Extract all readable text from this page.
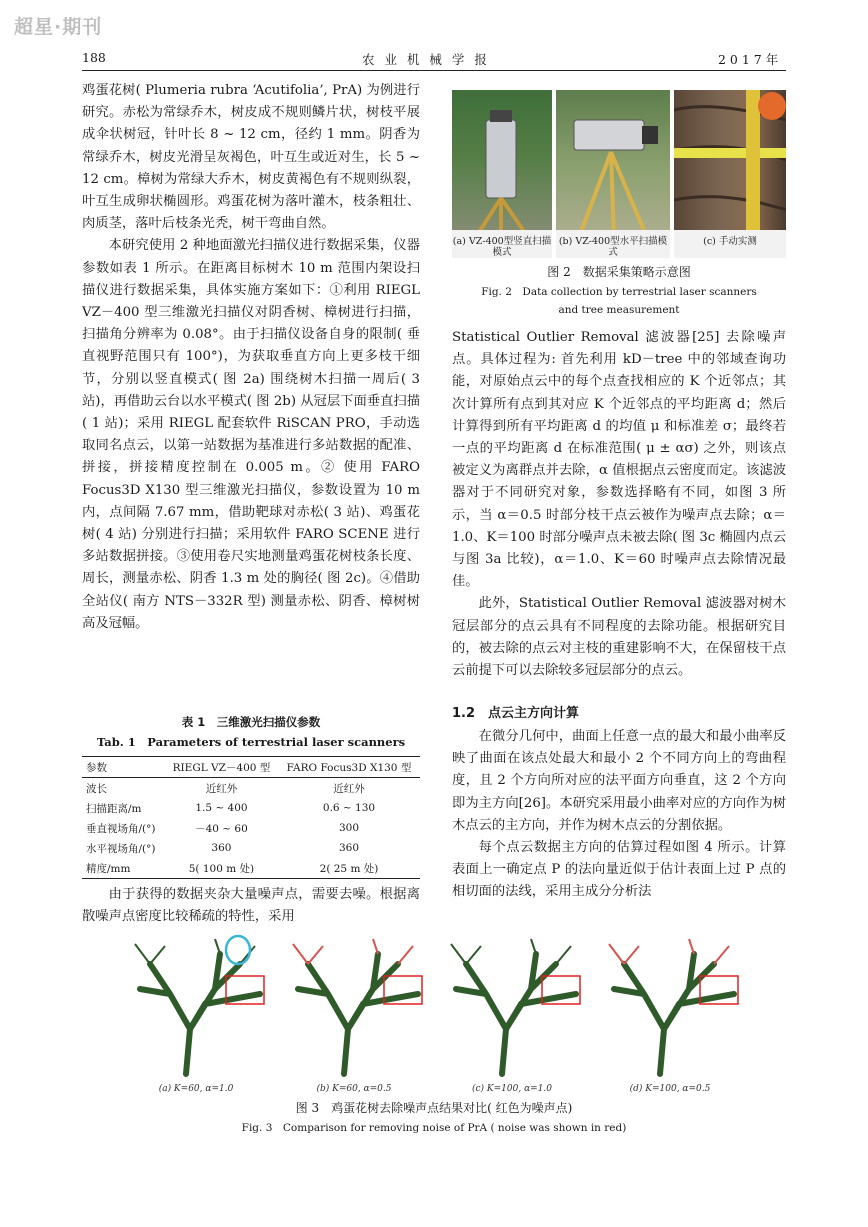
超星·期刊
188	农 业 机 械 学 报	2 0 1 7 年

鸡蛋花树( Plumeria rubra ‘Acutifolia’, PrA) 为例进行研究。赤松为常绿乔木，树皮成不规则鳞片状，树枝平展成伞状树冠，针叶长 8 ~ 12 cm，径约 1 mm。阴香为常绿乔木，树皮光滑呈灰褐色，叶互生或近对生，长 5 ~ 12 cm。樟树为常绿大乔木，树皮黄褐色有不规则纵裂，叶互生成卵状椭圆形。鸡蛋花树为落叶灌木，枝条粗壮、肉质茎，落叶后枝条光秃，树干弯曲自然。

本研究使用 2 种地面激光扫描仪进行数据采集，仪器参数如表 1 所示。在距离目标树木 10 m 范围内架设扫描仪进行数据采集，具体实施方案如下：①利用 RIEGL VZ－400 型三维激光扫描仪对阴香树、樟树进行扫描，扫描角分辨率为 0.08°。由于扫描仪设备自身的限制( 垂直视野范围只有 100°)，为获取垂直方向上更多枝干细节，分别以竖直模式( 图 2a) 围绕树木扫描一周后( 3 站)，再借助云台以水平模式( 图 2b) 从冠层下面垂直扫描( 1 站)；采用 RIEGL 配套软件 RiSCAN PRO，手动选取同名点云，以第一站数据为基准进行多站数据的配准、拼接，拼接精度控制在 0.005 m。② 使用 FARO Focus3D X130 型三维激光扫描仪，参数设置为 10 m 内，点间隔 7.67 mm，借助靶球对赤松( 3 站)、鸡蛋花树( 4 站) 分别进行扫描；采用软件 FARO SCENE 进行多站数据拼接。③使用卷尺实地测量鸡蛋花树枝条长度、周长，测量赤松、阴香 1.3 m 处的胸径( 图 2c)。④借助全站仪( 南方 NTS－332R 型) 测量赤松、阴香、樟树树高及冠幅。

表 1　三维激光扫描仪参数
Tab. 1　Parameters of terrestrial laser scanners
参数	RIEGL VZ－400 型	FARO Focus3D X130 型
波长	近红外	近红外
扫描距离/m	1.5 ~ 400	0.6 ~ 130
垂直视场角/(°)	－40 ~ 60	300
水平视场角/(°)	360	360
精度/mm	5( 100 m 处)	2( 25 m 处)

由于获得的数据夹杂大量噪声点，需要去噪。根据离散噪声点密度比较稀疏的特性，采用

(a) VZ-400型竖直扫描模式
(b) VZ-400型水平扫描模式
(c) 手动实测
图 2　数据采集策略示意图
Fig. 2　Data collection by terrestrial laser scanners
and tree measurement

Statistical Outlier Removal 滤波器[25] 去除噪声点。具体过程为: 首先利用 kD－tree 中的邻域查询功能，对原始点云中的每个点查找相应的 K 个近邻点；其次计算所有点到其对应 K 个近邻点的平均距离 d；然后计算得到所有平均距离 d 的均值 μ 和标准差 σ；最终若一点的平均距离 d 在标准范围( μ ± ασ) 之外，则该点被定义为离群点并去除，α 值根据点云密度而定。该滤波器对于不同研究对象，参数选择略有不同，如图 3 所示，当 α＝0.5 时部分枝干点云被作为噪声点去除；α＝1.0、K＝100 时部分噪声点未被去除( 图 3c 椭圆内点云与图 3a 比较)，α＝1.0、K＝60 时噪声点去除情况最佳。

此外，Statistical Outlier Removal 滤波器对树木冠层部分的点云具有不同程度的去除功能。根据研究目的，被去除的点云对主枝的重建影响不大，在保留枝干点云前提下可以去除较多冠层部分的点云。

1.2　点云主方向计算

在微分几何中，曲面上任意一点的最大和最小曲率反映了曲面在该点处最大和最小 2 个不同方向上的弯曲程度，且 2 个方向所对应的法平面方向垂直，这 2 个方向即为主方向[26]。本研究采用最小曲率对应的方向作为树木点云的主方向，并作为树木点云的分割依据。

每个点云数据主方向的估算过程如图 4 所示。计算表面上一确定点 P 的法向量近似于估计表面上过 P 点的相切面的法线，采用主成分分析法

(a) K=60, α=1.0	(b) K=60, α=0.5	(c) K=100, α=1.0	(d) K=100, α=0.5
图 3　鸡蛋花树去除噪声点结果对比( 红色为噪声点)
Fig. 3　Comparison for removing noise of PrA ( noise was shown in red)
